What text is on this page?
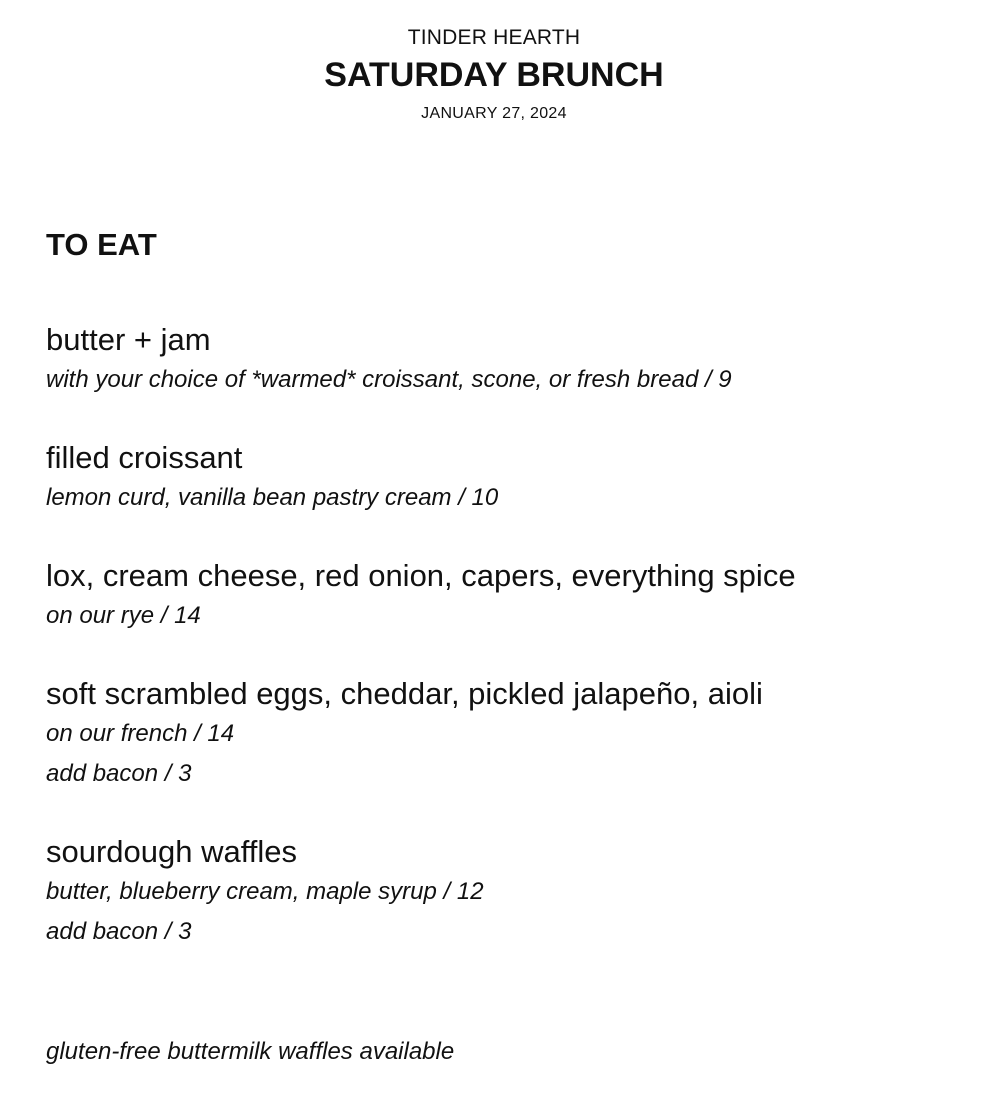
TINDER HEARTH
SATURDAY BRUNCH
JANUARY 27, 2024
TO EAT
butter + jam
with your choice of *warmed* croissant, scone, or fresh bread / 9
filled croissant
lemon curd, vanilla bean pastry cream / 10
lox, cream cheese, red onion, capers, everything spice
on our rye / 14
soft scrambled eggs, cheddar, pickled jalapeño, aioli
on our french / 14
add bacon / 3
sourdough waffles
butter, blueberry cream, maple syrup / 12
add bacon / 3
gluten-free buttermilk waffles available
